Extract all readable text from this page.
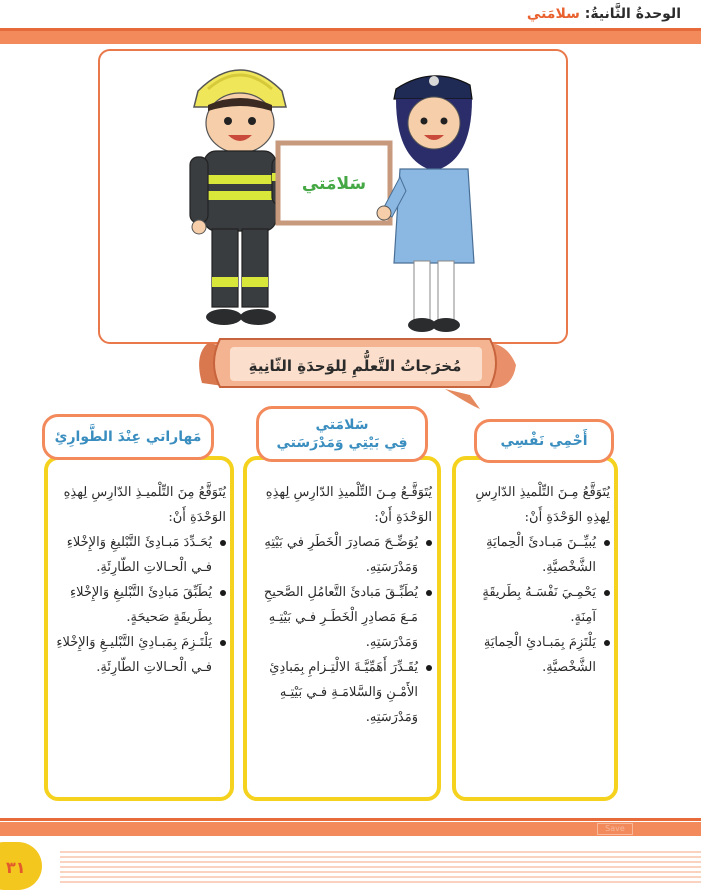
الوحدةُ الثَّانيةُ: سلامَتي
سَلامَتي
مُخرَجاتُ التَّعلُّمِ لِلوَحدَةِ الثّانِيةِ
أَحْمِي نَفْسِي
يُتَوَقَّعُ مِـنَ التِّلْميذِ الدّارِسِ لِهذِهِ الوَحْدَةِ أَنْ:
يُبيِّــنَ مَبـادئَ الْحِمايَةِ الشَّخْصيَّةِ.
يَحْمِـيَ نَفْسَـهُ بِطَريقَةٍ آمِنَةٍ.
يَلْتَزِمَ بِمَبـادئِ الْحِمايَةِ الشَّخْصيَّةِ.
سَلامَتي
فِي بَيْتِي وَمَدْرَسَتي
يُتَوَقَّـعُ مِـنَ التِّلْميذِ الدّارِسِ لِهذِهِ الوَحْدَةِ أَنْ:
يُوَضِّـحَ مَصادِرَ الْخَطَرِ في بَيْتِهِ وَمَدْرَسَتِهِ.
يُطَبِّـقَ مَبادئَ التَّعامُلِ الصَّحيحِ مَـعَ مَصادِرِ الْخَطَـرِ فـي بَيْتِـهِ وَمَدْرَسَتِهِ.
يُقَـدِّرَ أَهَمِّيَّـةَ الالْتِـزامِ بِمَبادِئِ الأَمْـنِ وَالسَّلامَـةِ فـي بَيْتِـهِ وَمَدْرَسَتِهِ.
مَهاراتي عِنْدَ الطَّوارِئِ
يُتَوَقَّعُ مِنَ التِّلْميـذِ الدّارِسِ لِهذِهِ الوَحْدَةِ أَنْ:
يُحَـدِّدَ مَبـادِئَ التَّبْليغِ وَالإِخْلاءِ فـي الْحـالاتِ الطّارِئَةِ.
يُطَبِّقَ مَبادِئَ التَّبْليغِ وَالإِخْلاءِ بِطَريقَةٍ صَحيحَةٍ.
يَلْتَـزِمَ بِمَبـادِئِ التَّبْليـغِ وَالإِخْلاءِ فـي الْحـالاتِ الطّارِئَةِ.
Save
٣١
